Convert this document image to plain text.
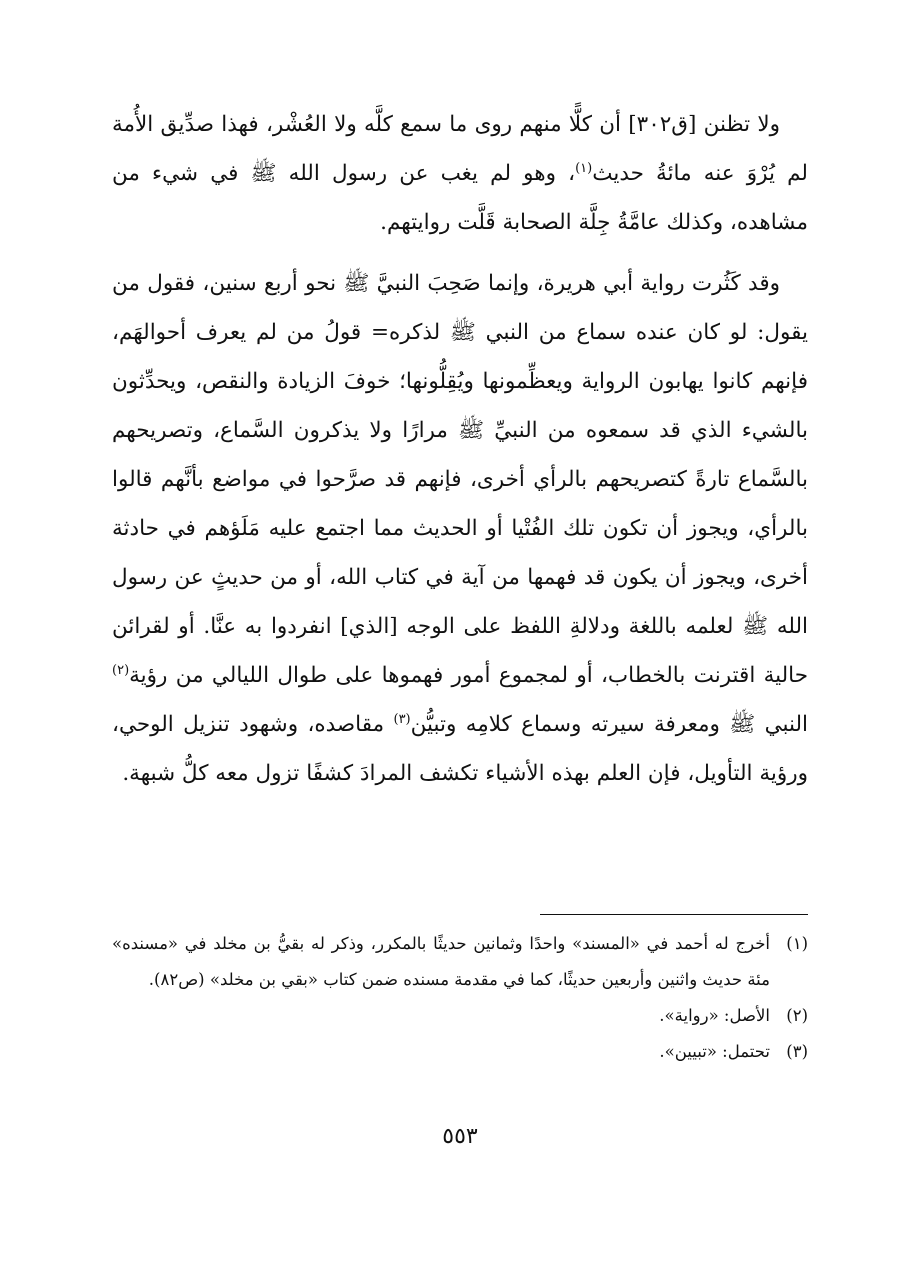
ولا تظنن [ق٣٠٢] أن كلًّا منهم روى ما سمع كلَّه ولا العُشْر، فهذا صدِّيق الأُمة لم يُرْوَ عنه مائةُ حديث$^{(١)}$، وهو لم يغب عن رسول الله ﷺ في شيء من مشاهده، وكذلك عامَّةُ جِلَّة الصحابة قَلَّت روايتهم.

وقد كَثُرت رواية أبي هريرة، وإنما صَحِبَ النبيَّ ﷺ نحو أربع سنين، فقول من يقول: لو كان عنده سماع من النبي ﷺ لذكره= قولُ من لم يعرف أحوالهَم، فإنهم كانوا يهابون الرواية ويعظِّمونها ويُقِلُّونها؛ خوفَ الزيادة والنقص، ويحدِّثون بالشيء الذي قد سمعوه من النبيِّ ﷺ مرارًا ولا يذكرون السَّماع، وتصريحهم بالسَّماع تارةً كتصريحهم بالرأي أخرى، فإنهم قد صرَّحوا في مواضع بأنَّهم قالوا بالرأي، ويجوز أن تكون تلك الفُتْيا أو الحديث مما اجتمع عليه مَلَؤهم في حادثة أخرى، ويجوز أن يكون قد فهمها من آية في كتاب الله، أو من حديثٍ عن رسول الله ﷺ لعلمه باللغة ودلالةِ اللفظ على الوجه [الذي] انفردوا به عنَّا. أو لقرائن حالية اقترنت بالخطاب، أو لمجموع أمور فهموها على طوال الليالي من رؤية$^{(٢)}$ النبي ﷺ ومعرفة سيرته وسماع كلامِه وتبيُّن$^{(٣)}$ مقاصده، وشهود تنزيل الوحي، ورؤية التأويل، فإن العلم بهذه الأشياء تكشف المرادَ كشفًا تزول معه كلُّ شبهة.

(١)
أخرج له أحمد في «المسند» واحدًا وثمانين حديثًا بالمكرر، وذكر له بقيُّ بن مخلد في «مسنده» مئة حديث واثنين وأربعين حديثًا، كما في مقدمة مسنده ضمن كتاب «بقي بن مخلد» (ص٨٢).
(٢)
الأصل: «رواية».
(٣)
تحتمل: «تبيين».
٥٥٣
